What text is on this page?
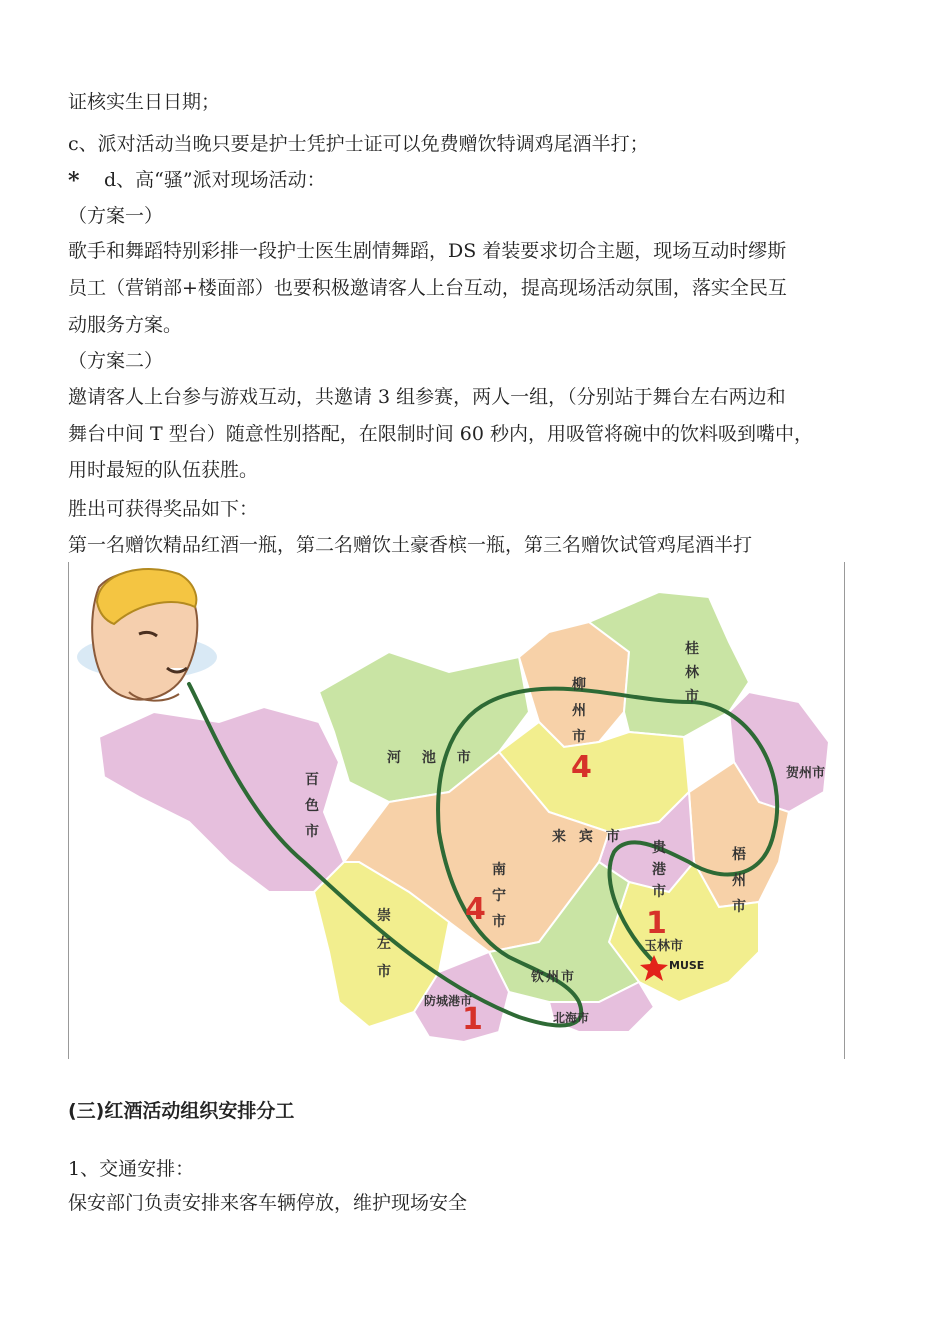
证核实生日日期；
c、派对活动当晚只要是护士凭护士证可以免费赠饮特调鸡尾酒半打；
* d、高“骚”派对现场活动：
（方案一）
歌手和舞蹈特别彩排一段护士医生剧情舞蹈，DS 着装要求切合主题，现场互动时缪斯
员工（营销部+楼面部）也要积极邀请客人上台互动，提高现场活动氛围，落实全民互
动服务方案。
（方案二）
邀请客人上台参与游戏互动，共邀请 3 组参赛，两人一组，（分别站于舞台左右两边和
舞台中间 T 型台）随意性别搭配，在限制时间 60 秒内，用吸管将碗中的饮料吸到嘴中，
用时最短的队伍获胜。
胜出可获得奖品如下：
第一名赠饮精品红酒一瓶，第二名赠饮土豪香槟一瓶，第三名赠饮试管鸡尾酒半打
桂
林
市
柳
州
市
4
河 池 市
贺州市
百
色
市	来 宾 市
贵
港
市
梧
州
市
南
宁
市
4
崇
左
市
1
玉林市
MUSE
钦州市
防城港市
1	北海市
(三)红酒活动组织安排分工
1、交通安排：
保安部门负责安排来客车辆停放，维护现场安全
